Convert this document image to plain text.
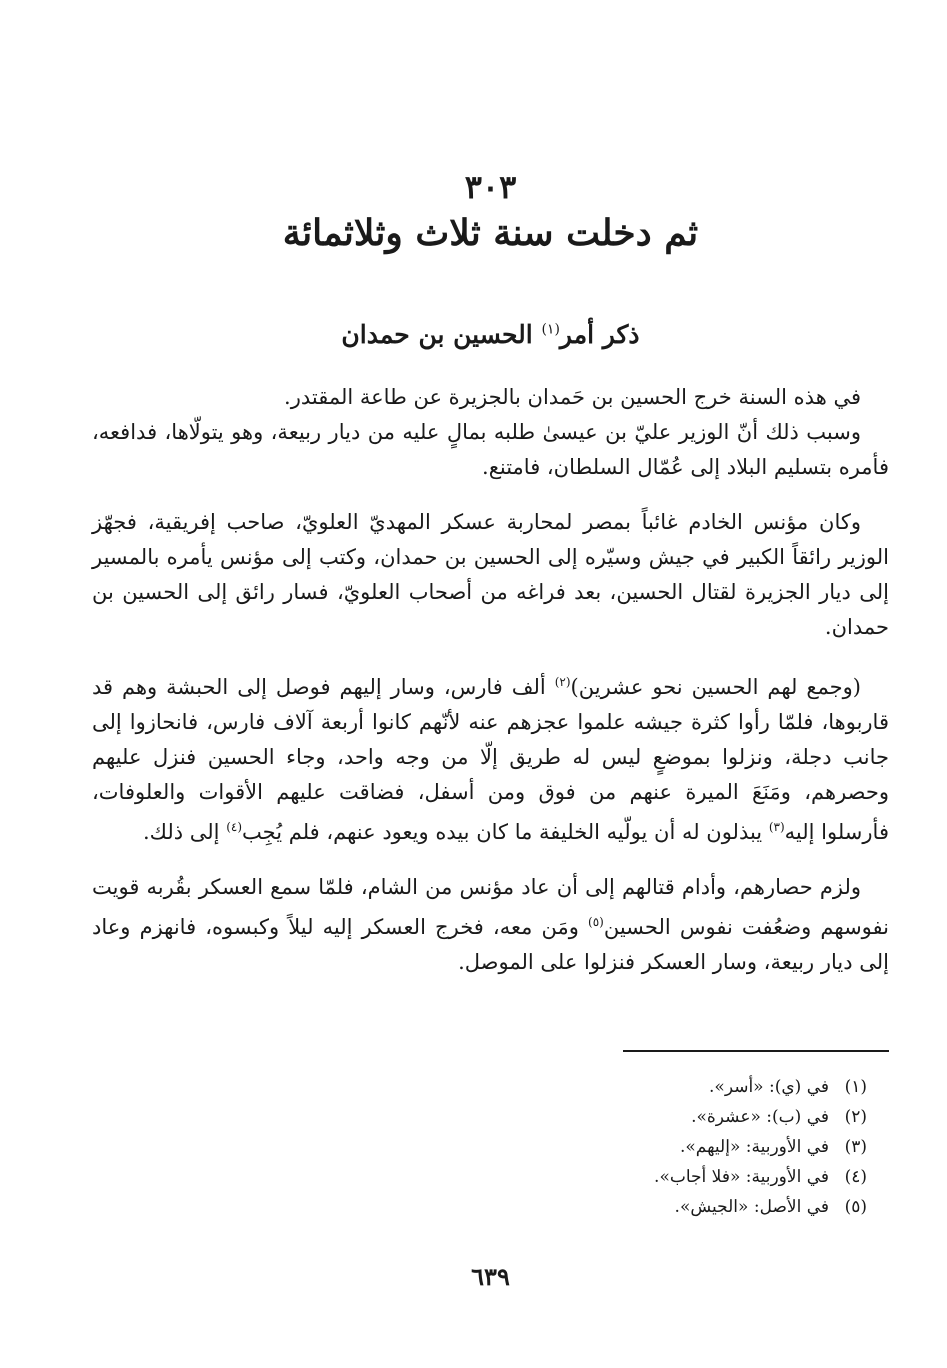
٣٠٣
ثم دخلت سنة ثلاث وثلاثمائة
ذكر أمر$^{(١)}$ الحسين بن حمدان

في هذه السنة خرج الحسين بن حَمدان بالجزيرة عن طاعة المقتدر.

وسبب ذلك أنّ الوزير عليّ بن عيسىٰ طلبه بمالٍ عليه من ديار ربيعة، وهو يتولّاها، فدافعه، فأمره بتسليم البلاد إلى عُمّال السلطان، فامتنع.

وكان مؤنس الخادم غائباً بمصر لمحاربة عسكر المهديّ العلويّ، صاحب إفريقية، فجهّز الوزير رائقاً الكبير في جيش وسيّره إلى الحسين بن حمدان، وكتب إلى مؤنس يأمره بالمسير إلى ديار الجزيرة لقتال الحسين، بعد فراغه من أصحاب العلويّ، فسار رائق إلى الحسين بن حمدان.

(وجمع لهم الحسين نحو عشرين)$^{(٢)}$ ألف فارس، وسار إليهم فوصل إلى الحبشة وهم قد قاربوها، فلمّا رأوا كثرة جيشه علموا عجزهم عنه لأنّهم كانوا أربعة آلاف فارس، فانحازوا إلى جانب دجلة، ونزلوا بموضعٍ ليس له طريق إلّا من وجه واحد، وجاء الحسين فنزل عليهم وحصرهم، ومَنَعَ الميرة عنهم من فوق ومن أسفل، فضاقت عليهم الأقوات والعلوفات، فأرسلوا إليه$^{(٣)}$ يبذلون له أن يولّيه الخليفة ما كان بيده ويعود عنهم، فلم يُجِب$^{(٤)}$ إلى ذلك.

ولزم حصارهم، وأدام قتالهم إلى أن عاد مؤنس من الشام، فلمّا سمع العسكر بقُربه قويت نفوسهم وضعُفت نفوس الحسين$^{(٥)}$ ومَن معه، فخرج العسكر إليه ليلاً وكبسوه، فانهزم وعاد إلى ديار ربيعة، وسار العسكر فنزلوا على الموصل.

(١)في (ي): «أسر».
(٢)في (ب): «عشرة».
(٣)في الأوربية: «إليهم».
(٤)في الأوربية: «فلا أجاب».
(٥)في الأصل: «الجيش».
٦٣٩
